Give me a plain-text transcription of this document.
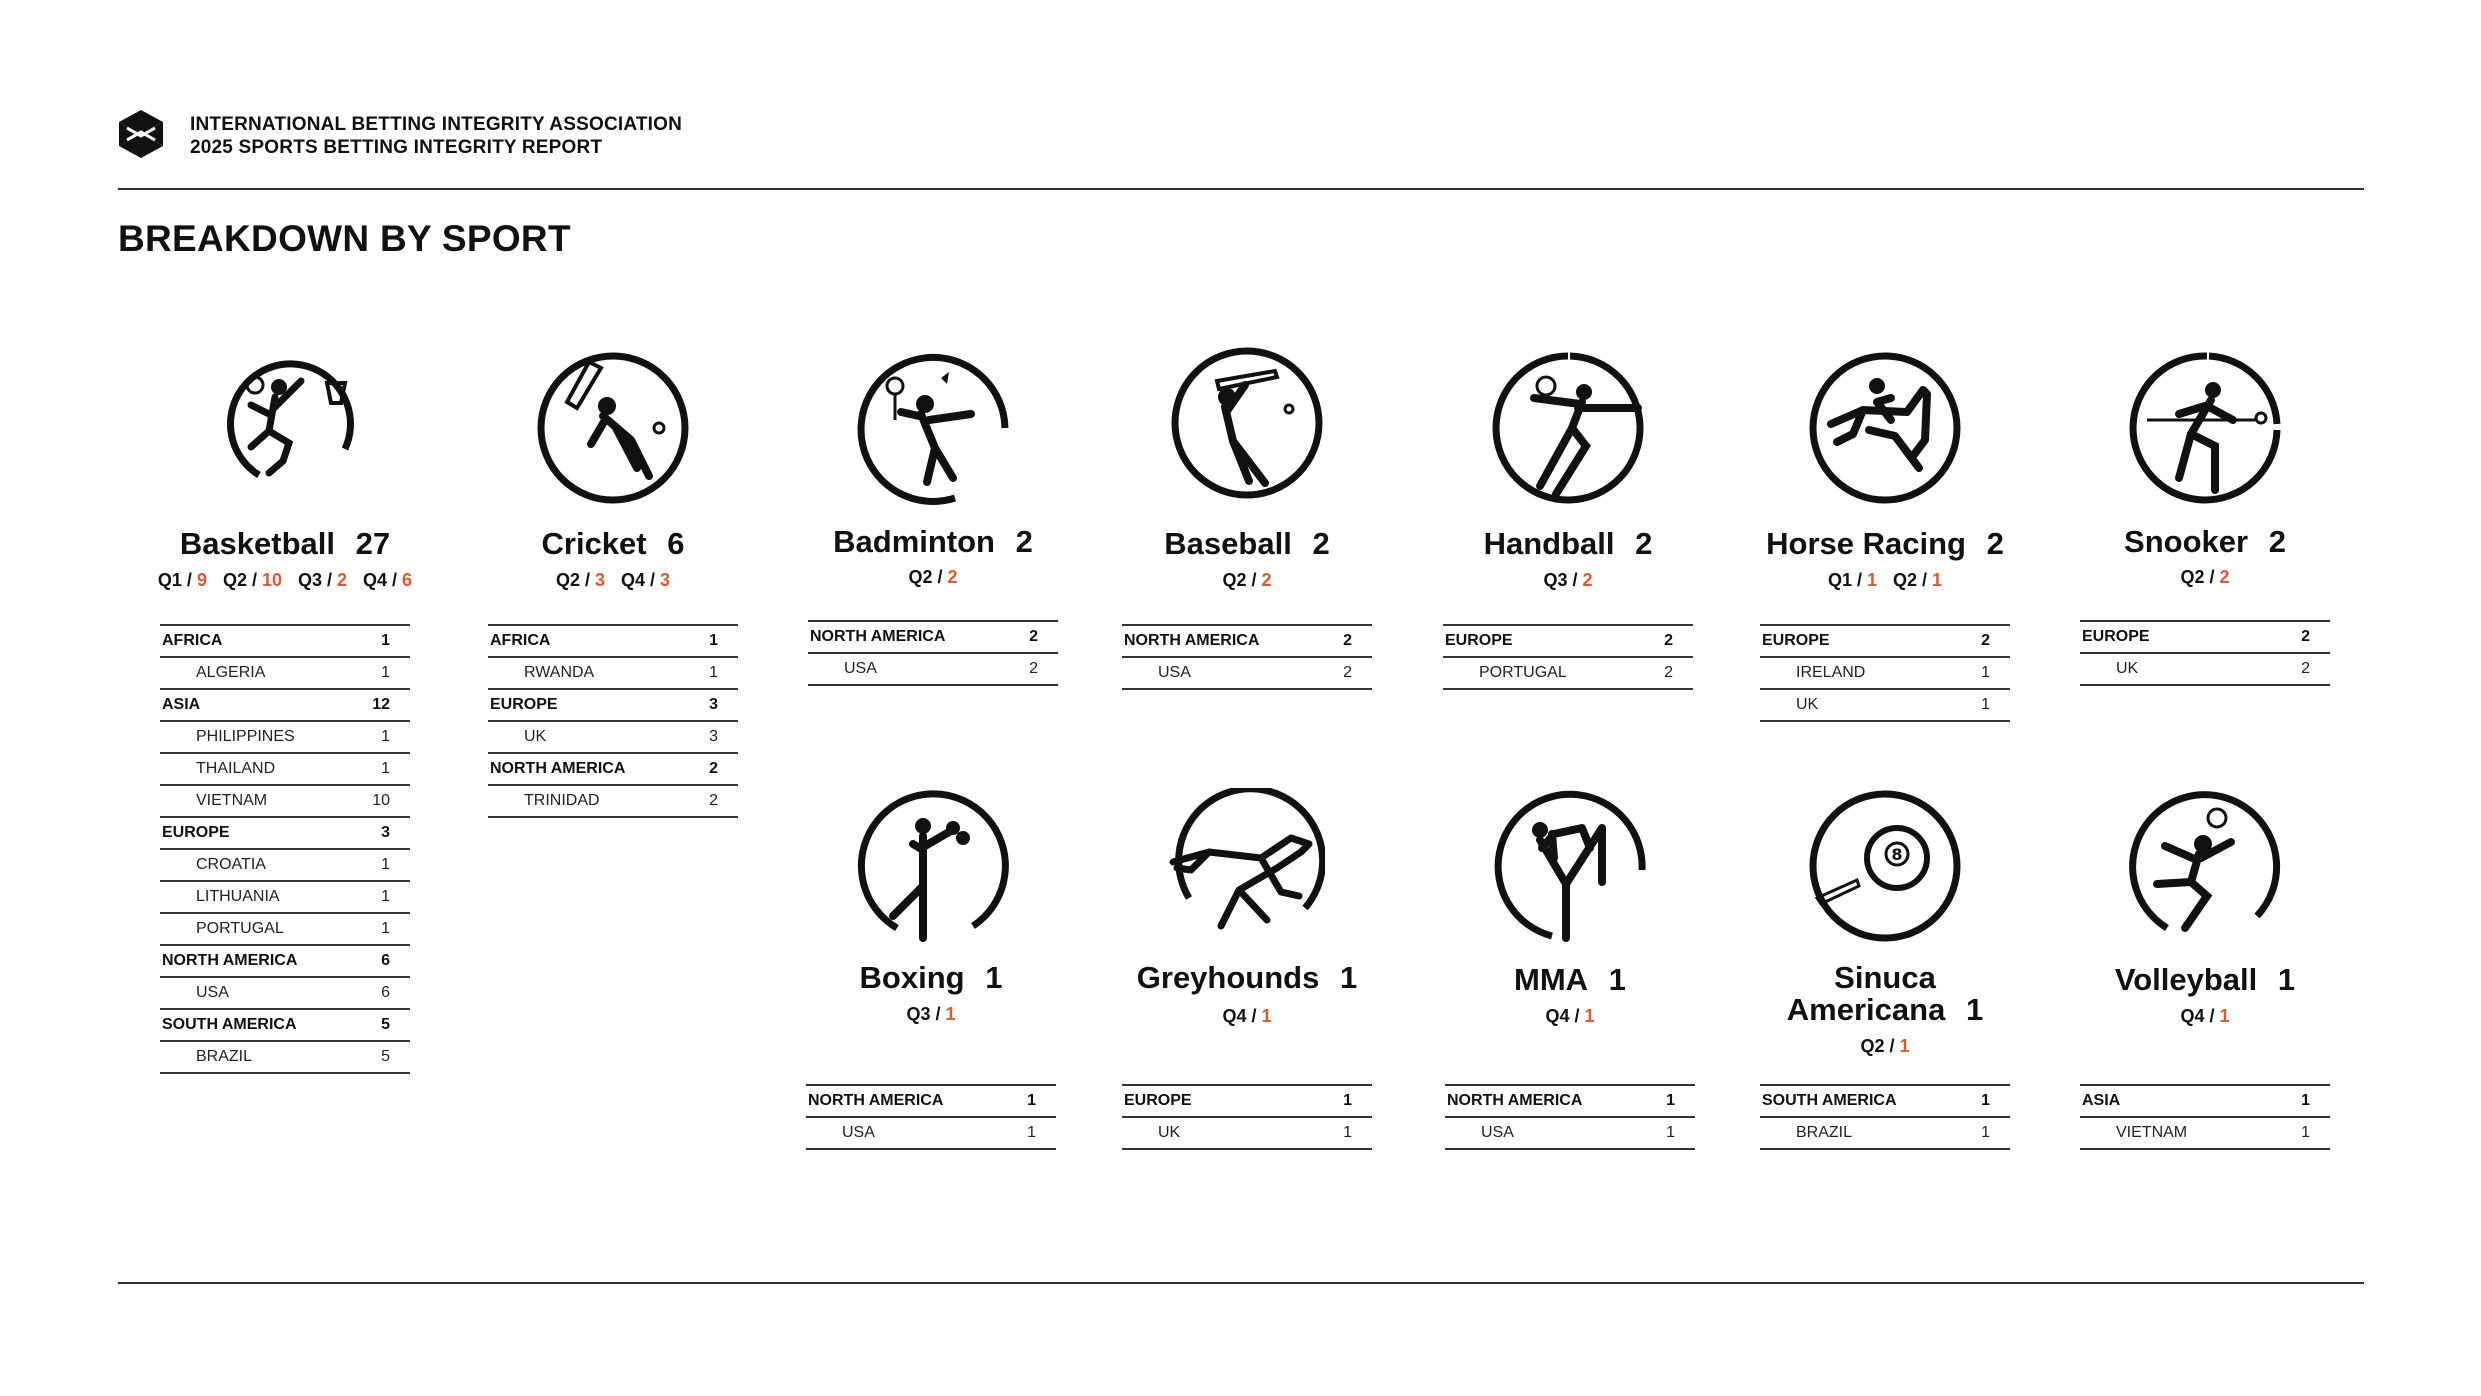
INTERNATIONAL BETTING INTEGRITY ASSOCIATION
2025 SPORTS BETTING INTEGRITY REPORT
BREAKDOWN BY SPORT
Basketball 27
Q1 / 9 Q2 / 10 Q3 / 2 Q4 / 6
AFRICA	1
ALGERIA	1
ASIA	12
PHILIPPINES	1
THAILAND	1
VIETNAM	10
EUROPE	3
CROATIA	1
LITHUANIA	1
PORTUGAL	1
NORTH AMERICA	6
USA	6
SOUTH AMERICA	5
BRAZIL	5
Cricket 6
Q2 / 3 Q4 / 3
AFRICA	1
RWANDA	1
EUROPE	3
UK	3
NORTH AMERICA	2
TRINIDAD	2
Badminton 2
Q2 / 2
NORTH AMERICA	2
USA	2
Baseball 2
Q2 / 2
NORTH AMERICA	2
USA	2
Handball 2
Q3 / 2
EUROPE	2
PORTUGAL	2
Horse Racing 2
Q1 / 1 Q2 / 1
EUROPE	2
IRELAND	1
UK	1
Snooker 2
Q2 / 2
EUROPE	2
UK	2
Boxing 1
Q3 / 1
NORTH AMERICA	1
USA	1
Greyhounds 1
Q4 / 1
EUROPE	1
UK	1
MMA 1
Q4 / 1
NORTH AMERICA	1
USA	1
8
Sinuca
Americana 1
Q2 / 1
SOUTH AMERICA	1
BRAZIL	1
Volleyball 1
Q4 / 1
ASIA	1
VIETNAM	1
